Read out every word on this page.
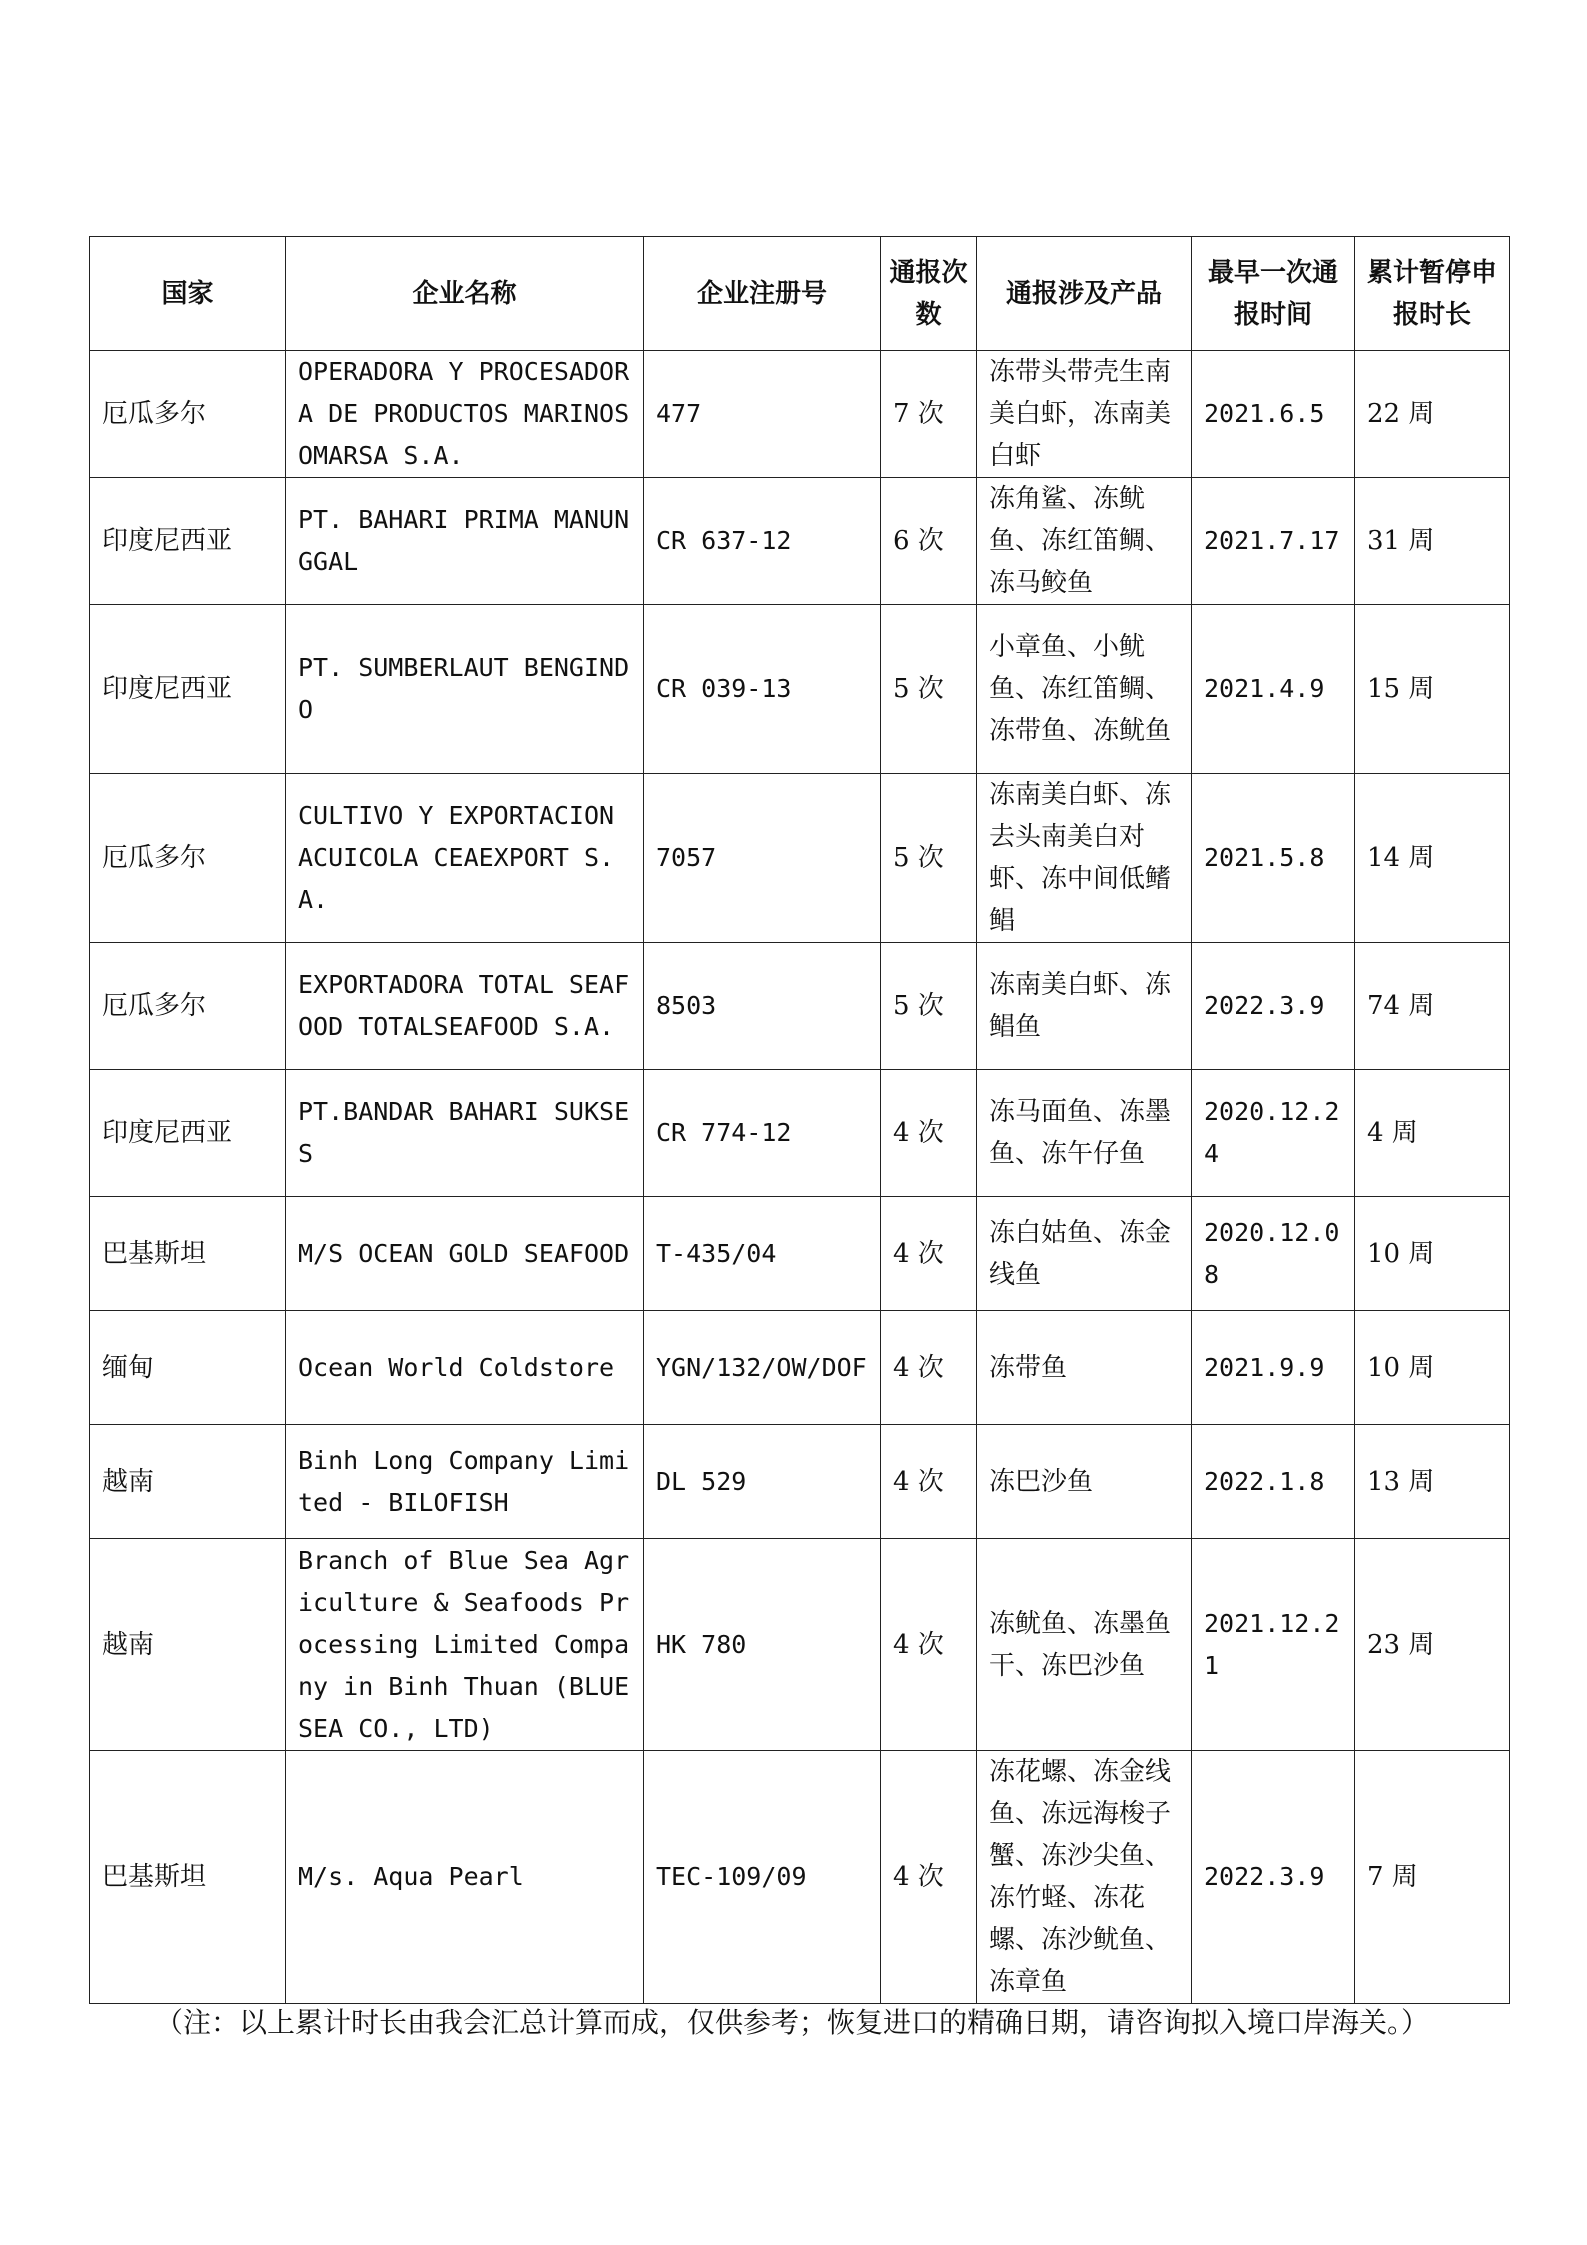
国家	企业名称	企业注册号	通报次数	通报涉及产品	最早一次通报时间	累计暂停申报时长
厄瓜多尔	OPERADORA Y PROCESADORA DE PRODUCTOS MARINOS OMARSA S.A.	477	7 次	冻带头带壳生南美白虾，冻南美白虾	2021.6.5	22 周
印度尼西亚	PT. BAHARI PRIMA MANUNGGAL	CR 637-12	6 次	冻角鲨、冻鱿鱼、冻红笛鲷、冻马鲛鱼	2021.7.17	31 周
印度尼西亚	PT. SUMBERLAUT BENGINDO	CR 039-13	5 次	小章鱼、小鱿鱼、冻红笛鲷、冻带鱼、冻鱿鱼	2021.4.9	15 周
厄瓜多尔	CULTIVO Y EXPORTACION ACUICOLA CEAEXPORT S.A.	7057	5 次	冻南美白虾、冻去头南美白对虾、冻中间低鳍鲳	2021.5.8	14 周
厄瓜多尔	EXPORTADORA TOTAL SEAFOOD TOTALSEAFOOD S.A.	8503	5 次	冻南美白虾、冻鲳鱼	2022.3.9	74 周
印度尼西亚	PT.BANDAR BAHARI SUKSES	CR 774-12	4 次	冻马面鱼、冻墨鱼、冻午仔鱼	2020.12.24	4 周
巴基斯坦	M/S OCEAN GOLD SEAFOOD	T-435/04	4 次	冻白姑鱼、冻金线鱼	2020.12.08	10 周
缅甸	Ocean World Coldstore	YGN/132/OW/DOF	4 次	冻带鱼	2021.9.9	10 周
越南	Binh Long Company Limited - BILOFISH	DL 529	4 次	冻巴沙鱼	2022.1.8	13 周
越南	Branch of Blue Sea Agriculture & Seafoods Processing Limited Company in Binh Thuan (BLUE SEA CO., LTD)	HK 780	4 次	冻鱿鱼、冻墨鱼干、冻巴沙鱼	2021.12.21	23 周
巴基斯坦	M/s. Aqua Pearl	TEC-109/09	4 次	冻花螺、冻金线鱼、冻远海梭子蟹、冻沙尖鱼、冻竹蛏、冻花螺、冻沙鱿鱼、冻章鱼	2022.3.9	7 周
（注：以上累计时长由我会汇总计算而成，仅供参考；恢复进口的精确日期，请咨询拟入境口岸海关。）
